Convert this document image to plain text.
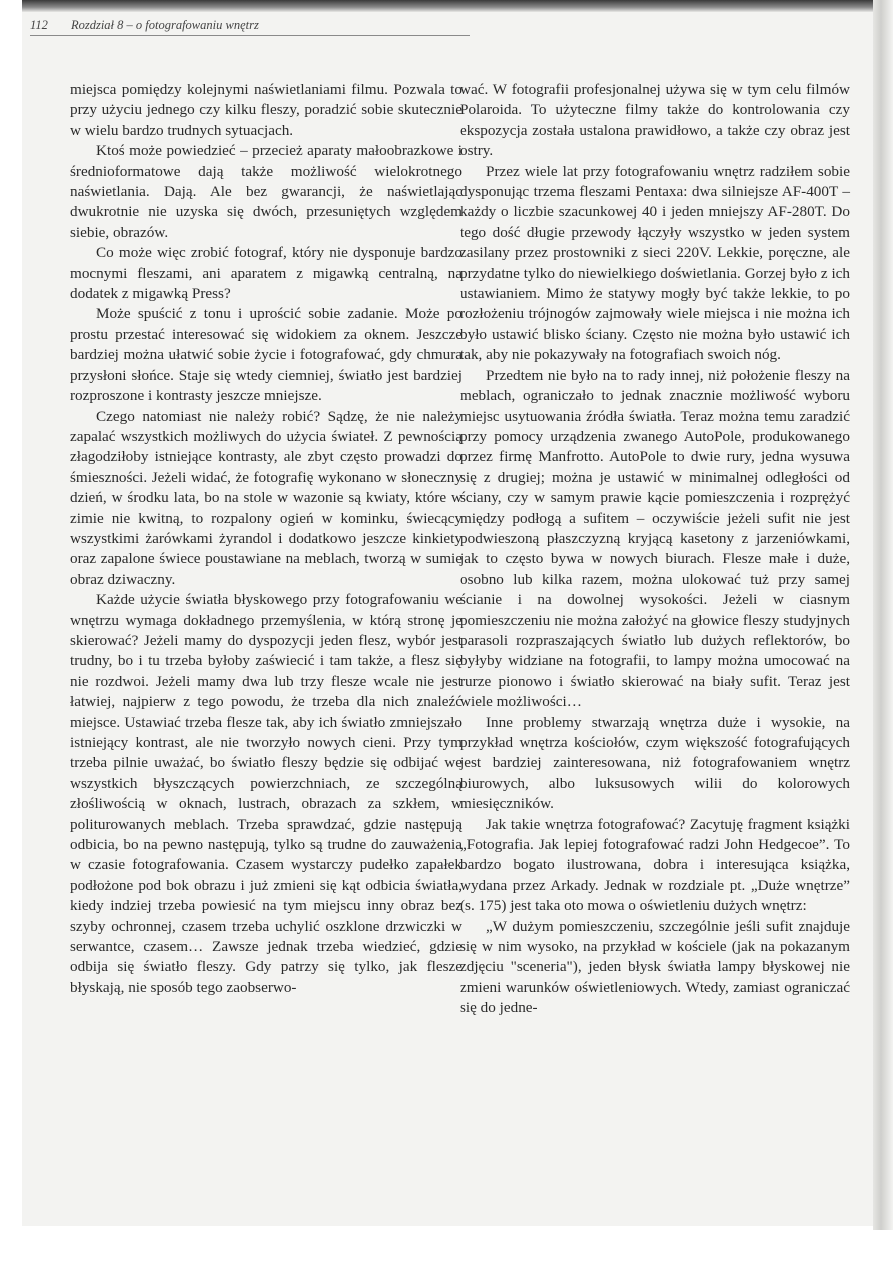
112 Rozdział 8 – o fotografowaniu wnętrz

miejsca pomiędzy kolejnymi naświetlaniami filmu. Pozwala to przy użyciu jednego czy kilku fleszy, poradzić sobie skutecznie w wielu bardzo trudnych sytuacjach.

Ktoś może powiedzieć – przecież aparaty małoobrazkowe i średnioformatowe dają także możliwość wielokrotnego naświetlania. Dają. Ale bez gwarancji, że naświetlając dwukrotnie nie uzyska się dwóch, przesuniętych względem siebie, obrazów.

Co może więc zrobić fotograf, który nie dysponuje bardzo mocnymi fleszami, ani aparatem z migawką centralną, na dodatek z migawką Press?

Może spuścić z tonu i uprościć sobie zadanie. Może po prostu przestać interesować się widokiem za oknem. Jeszcze bardziej można ułatwić sobie życie i fotografować, gdy chmura przysłoni słońce. Staje się wtedy ciemniej, światło jest bardziej rozproszone i kontrasty jeszcze mniejsze.

Czego natomiast nie należy robić? Sądzę, że nie należy zapalać wszystkich możliwych do użycia świateł. Z pewnością złagodziłoby istniejące kontrasty, ale zbyt często prowadzi do śmieszności. Jeżeli widać, że fotografię wykonano w słoneczny dzień, w środku lata, bo na stole w wazonie są kwiaty, które w zimie nie kwitną, to rozpalony ogień w kominku, świecący wszystkimi żarówkami żyrandol i dodatkowo jeszcze kinkiety oraz zapalone świece poustawiane na meblach, tworzą w sumie obraz dziwaczny.

Każde użycie światła błyskowego przy fotografowaniu we wnętrzu wymaga dokładnego przemyślenia, w którą stronę je skierować? Jeżeli mamy do dyspozycji jeden flesz, wybór jest trudny, bo i tu trzeba byłoby zaświecić i tam także, a flesz się nie rozdwoi. Jeżeli mamy dwa lub trzy flesze wcale nie jest łatwiej, najpierw z tego powodu, że trzeba dla nich znaleźć miejsce. Ustawiać trzeba flesze tak, aby ich światło zmniejszało istniejący kontrast, ale nie tworzyło nowych cieni. Przy tym trzeba pilnie uważać, bo światło fleszy będzie się odbijać we wszystkich błyszczących powierzchniach, ze szczególną złośliwością w oknach, lustrach, obrazach za szkłem, w politurowanych meblach. Trzeba sprawdzać, gdzie następują odbicia, bo na pewno następują, tylko są trudne do zauważenia w czasie fotografowania. Czasem wystarczy pudełko zapałek podłożone pod bok obrazu i już zmieni się kąt odbicia światła, kiedy indziej trzeba powiesić na tym miejscu inny obraz bez szyby ochronnej, czasem trzeba uchylić oszklone drzwiczki w serwantce, czasem… Zawsze jednak trzeba wiedzieć, gdzie odbija się światło fleszy. Gdy patrzy się tylko, jak flesze błyskają, nie sposób tego zaobserwo-

wać. W fotografii profesjonalnej używa się w tym celu filmów Polaroida. To użyteczne filmy także do kontrolowania czy ekspozycja została ustalona prawidłowo, a także czy obraz jest ostry.

Przez wiele lat przy fotografowaniu wnętrz radziłem sobie dysponując trzema fleszami Pentaxa: dwa silniejsze AF-400T – każdy o liczbie szacunkowej 40 i jeden mniejszy AF-280T. Do tego dość długie przewody łączyły wszystko w jeden system zasilany przez prostowniki z sieci 220V. Lekkie, poręczne, ale przydatne tylko do niewielkiego doświetlania. Gorzej było z ich ustawianiem. Mimo że statywy mogły być także lekkie, to po rozłożeniu trójnogów zajmowały wiele miejsca i nie można ich było ustawić blisko ściany. Często nie można było ustawić ich tak, aby nie pokazywały na fotografiach swoich nóg.

Przedtem nie było na to rady innej, niż położenie fleszy na meblach, ograniczało to jednak znacznie możliwość wyboru miejsc usytuowania źródła światła. Teraz można temu zaradzić przy pomocy urządzenia zwanego AutoPole, produkowanego przez firmę Manfrotto. AutoPole to dwie rury, jedna wysuwa się z drugiej; można je ustawić w minimalnej odległości od ściany, czy w samym prawie kącie pomieszczenia i rozprężyć między podłogą a sufitem – oczywiście jeżeli sufit nie jest podwieszoną płaszczyzną kryjącą kasetony z jarzeniówkami, jak to często bywa w nowych biurach. Flesze małe i duże, osobno lub kilka razem, można ulokować tuż przy samej ścianie i na dowolnej wysokości. Jeżeli w ciasnym pomieszczeniu nie można założyć na głowice fleszy studyjnych parasoli rozpraszających światło lub dużych reflektorów, bo byłyby widziane na fotografii, to lampy można umocować na rurze pionowo i światło skierować na biały sufit. Teraz jest wiele możliwości…

Inne problemy stwarzają wnętrza duże i wysokie, na przykład wnętrza kościołów, czym większość fotografujących jest bardziej zainteresowana, niż fotografowaniem wnętrz biurowych, albo luksusowych wilii do kolorowych miesięczników.

Jak takie wnętrza fotografować? Zacytuję fragment książki „Fotografia. Jak lepiej fotografować radzi John Hedgecoe”. To bardzo bogato ilustrowana, dobra i interesująca książka, wydana przez Arkady. Jednak w rozdziale pt. „Duże wnętrze” (s. 175) jest taka oto mowa o oświetleniu dużych wnętrz:

„W dużym pomieszczeniu, szczególnie jeśli sufit znajduje się w nim wysoko, na przykład w kościele (jak na pokazanym zdjęciu "sceneria"), jeden błysk światła lampy błyskowej nie zmieni warunków oświetleniowych. Wtedy, zamiast ograniczać się do jedne-
